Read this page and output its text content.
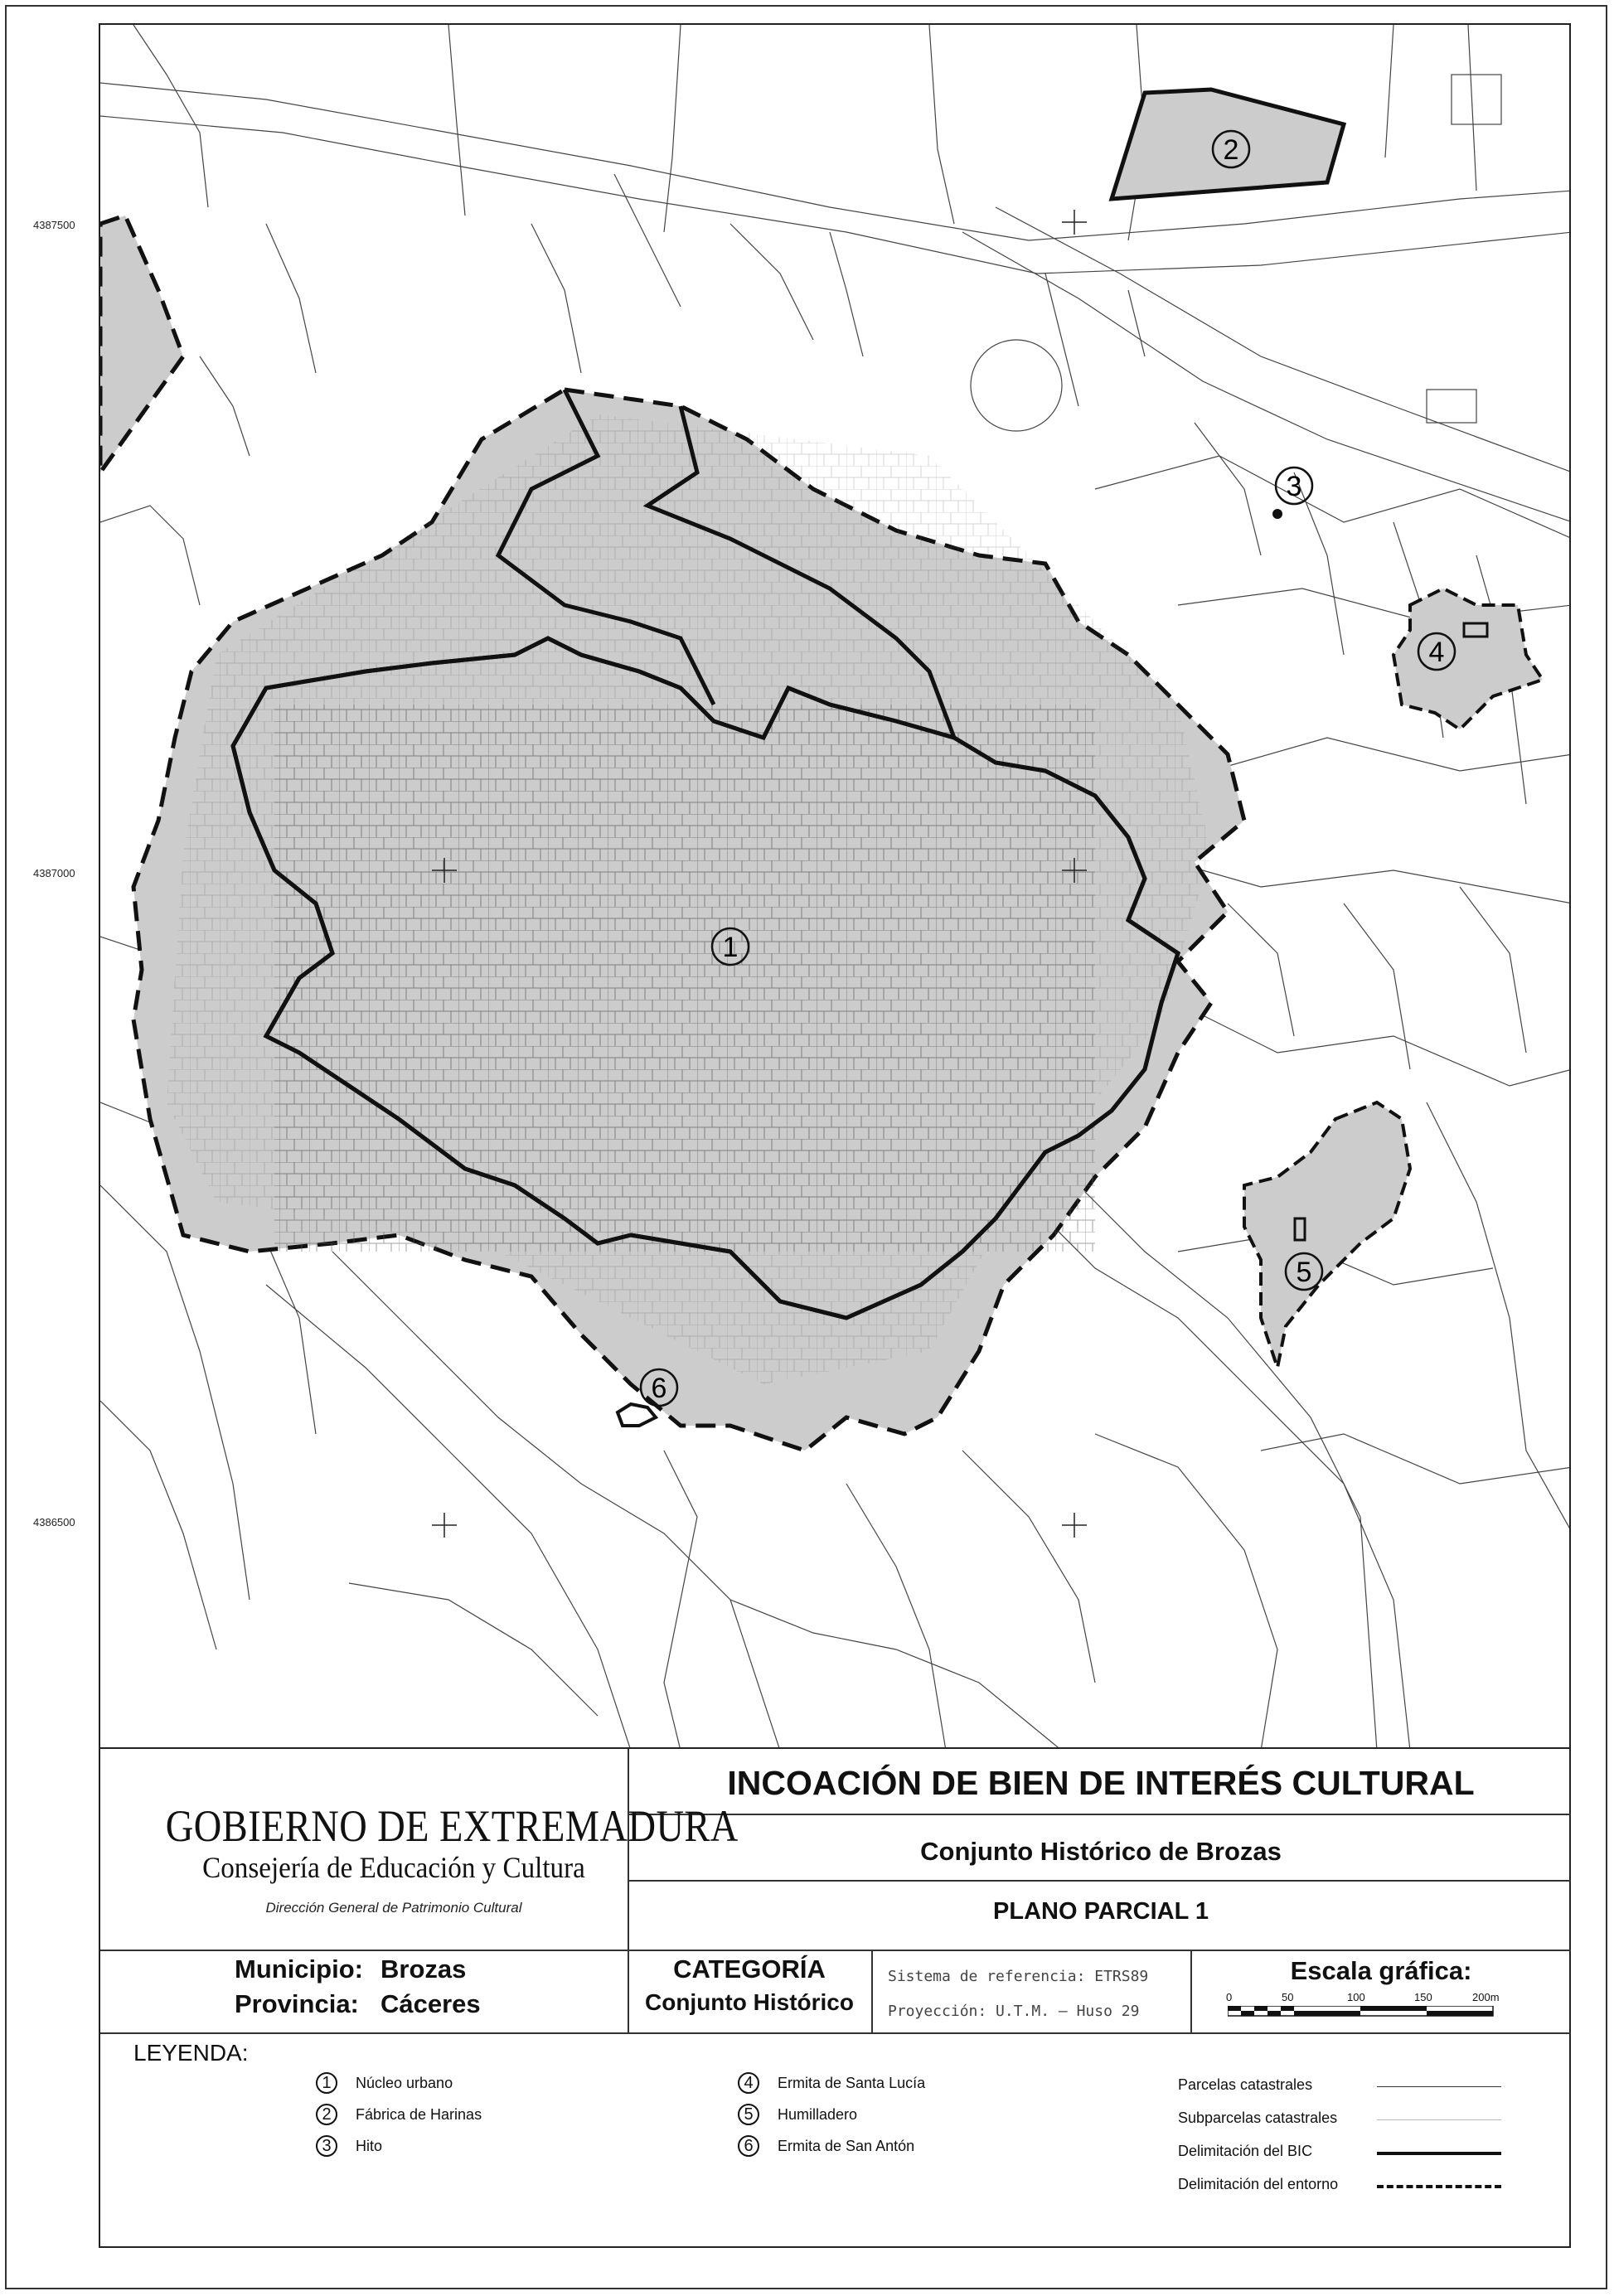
4387500
4387000
4386500
1
2
3
4
5
6
GOBIERNO DE EXTREMADURA
Consejería de Educación y Cultura
Dirección General de Patrimonio Cultural
INCOACIÓN DE BIEN DE INTERÉS CULTURAL
Conjunto Histórico de Brozas
PLANO PARCIAL 1
Municipio: Brozas
Provincia: Cáceres
CATEGORÍA
Conjunto Histórico
Sistema de referencia: ETRS89
Proyección: U.T.M. – Huso 29
Escala gráfica:
0	50	100	150	200m
LEYENDA:
1	Núcleo urbano
2	Fábrica de Harinas
3	Hito
4	Ermita de Santa Lucía
5	Humilladero
6	Ermita de San Antón
Parcelas catastrales
Subparcelas catastrales
Delimitación del BIC
Delimitación del entorno
